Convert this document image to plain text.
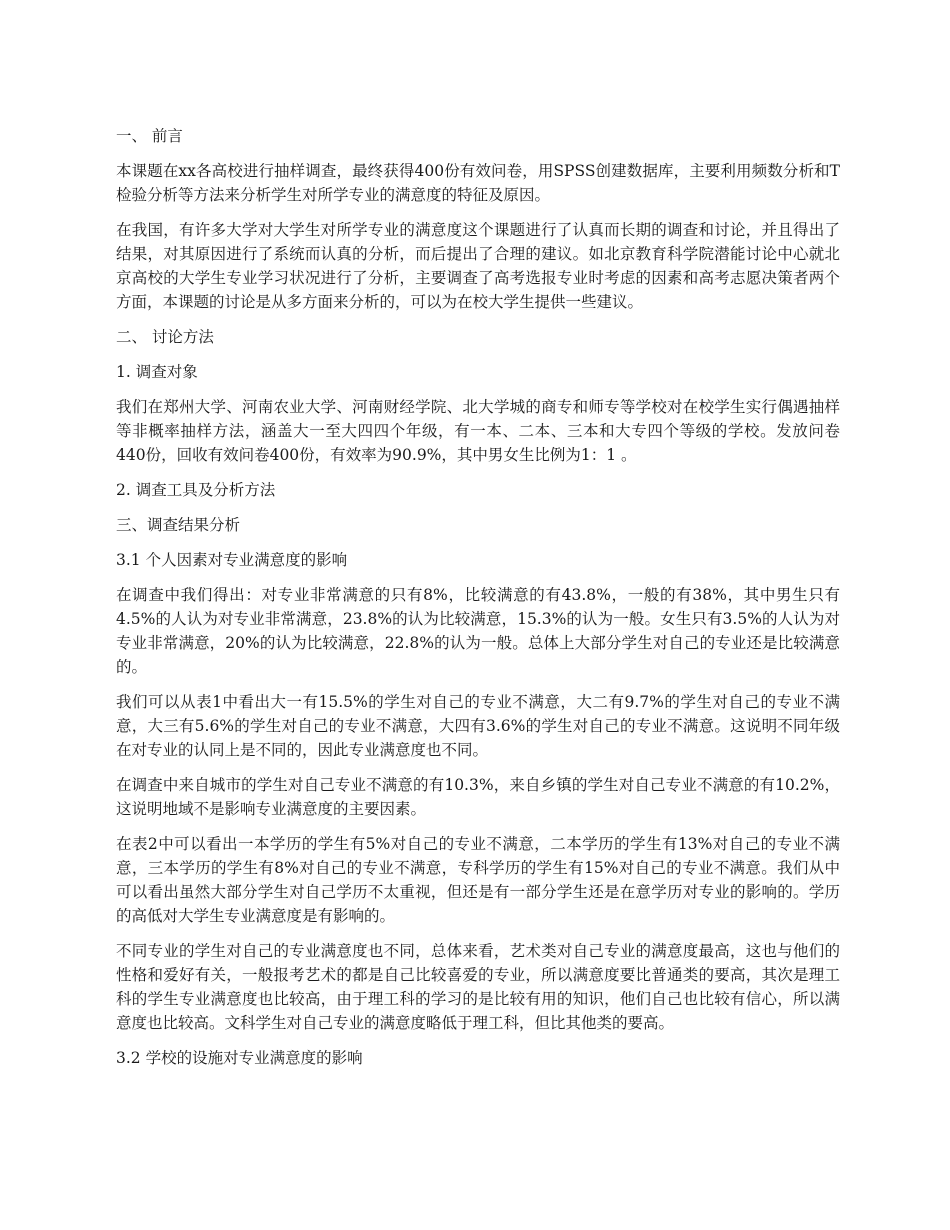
一、 前言
本课题在xx各高校进行抽样调查，最终获得400份有效问卷，用SPSS创建数据库，主要利用频数分析和T检验分析等方法来分析学生对所学专业的满意度的特征及原因。
在我国，有许多大学对大学生对所学专业的满意度这个课题进行了认真而长期的调查和讨论，并且得出了结果，对其原因进行了系统而认真的分析，而后提出了合理的建议。如北京教育科学院潜能讨论中心就北京高校的大学生专业学习状况进行了分析，主要调查了高考选报专业时考虑的因素和高考志愿决策者两个方面，本课题的讨论是从多方面来分析的，可以为在校大学生提供一些建议。
二、 讨论方法
1. 调查对象
我们在郑州大学、河南农业大学、河南财经学院、北大学城的商专和师专等学校对在校学生实行偶遇抽样等非概率抽样方法，涵盖大一至大四四个年级，有一本、二本、三本和大专四个等级的学校。发放问卷440份，回收有效问卷400份，有效率为90.9%，其中男女生比例为1：1 。
2. 调查工具及分析方法
三、调查结果分析
3.1 个人因素对专业满意度的影响
在调查中我们得出：对专业非常满意的只有8%，比较满意的有43.8%，一般的有38%，其中男生只有4.5%的人认为对专业非常满意，23.8%的认为比较满意，15.3%的认为一般。女生只有3.5%的人认为对专业非常满意，20%的认为比较满意，22.8%的认为一般。总体上大部分学生对自己的专业还是比较满意的。
我们可以从表1中看出大一有15.5%的学生对自己的专业不满意，大二有9.7%的学生对自己的专业不满意，大三有5.6%的学生对自己的专业不满意，大四有3.6%的学生对自己的专业不满意。这说明不同年级在对专业的认同上是不同的，因此专业满意度也不同。
在调查中来自城市的学生对自己专业不满意的有10.3%，来自乡镇的学生对自己专业不满意的有10.2%，这说明地域不是影响专业满意度的主要因素。
在表2中可以看出一本学历的学生有5%对自己的专业不满意，二本学历的学生有13%对自己的专业不满意，三本学历的学生有8%对自己的专业不满意，专科学历的学生有15%对自己的专业不满意。我们从中可以看出虽然大部分学生对自己学历不太重视，但还是有一部分学生还是在意学历对专业的影响的。学历的高低对大学生专业满意度是有影响的。
不同专业的学生对自己的专业满意度也不同，总体来看，艺术类对自己专业的满意度最高，这也与他们的性格和爱好有关，一般报考艺术的都是自己比较喜爱的专业，所以满意度要比普通类的要高，其次是理工科的学生专业满意度也比较高，由于理工科的学习的是比较有用的知识，他们自己也比较有信心，所以满意度也比较高。文科学生对自己专业的满意度略低于理工科，但比其他类的要高。
3.2 学校的设施对专业满意度的影响
